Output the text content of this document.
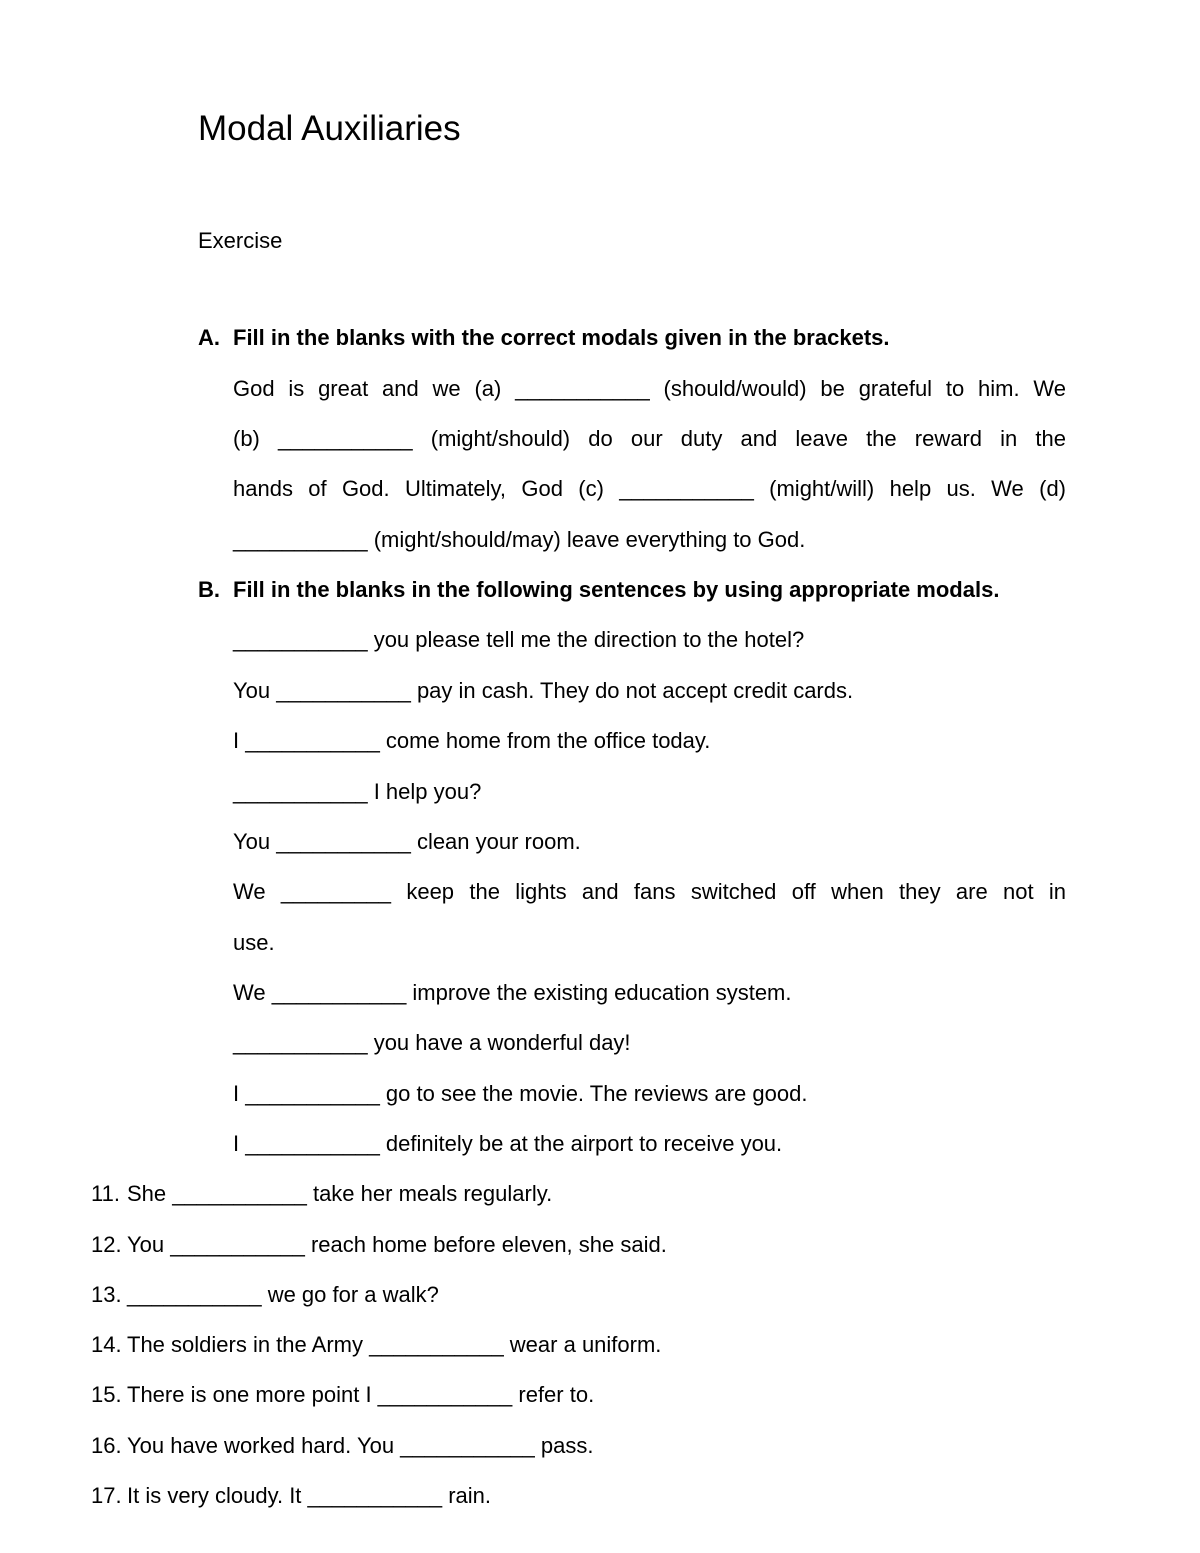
Modal Auxiliaries
Exercise
A. Fill in the blanks with the correct modals given in the brackets.
God is great and we (a) ___________ (should/would) be grateful to him. We
(b) ___________ (might/should) do our duty and leave the reward in the
hands of God. Ultimately, God (c) ___________ (might/will) help us. We (d)
___________ (might/should/may) leave everything to God.
B. Fill in the blanks in the following sentences by using appropriate modals.
___________ you please tell me the direction to the hotel?
You ___________ pay in cash. They do not accept credit cards.
I ___________ come home from the office today.
___________ I help you?
You ___________ clean your room.
We _________ keep the lights and fans switched off when they are not in
use.
We ___________ improve the existing education system.
___________ you have a wonderful day!
I ___________ go to see the movie. The reviews are good.
I ___________ definitely be at the airport to receive you.
11. She ___________ take her meals regularly.
12. You ___________ reach home before eleven, she said.
13. ___________ we go for a walk?
14. The soldiers in the Army ___________ wear a uniform.
15. There is one more point I ___________ refer to.
16. You have worked hard. You ___________ pass.
17. It is very cloudy. It ___________ rain.
